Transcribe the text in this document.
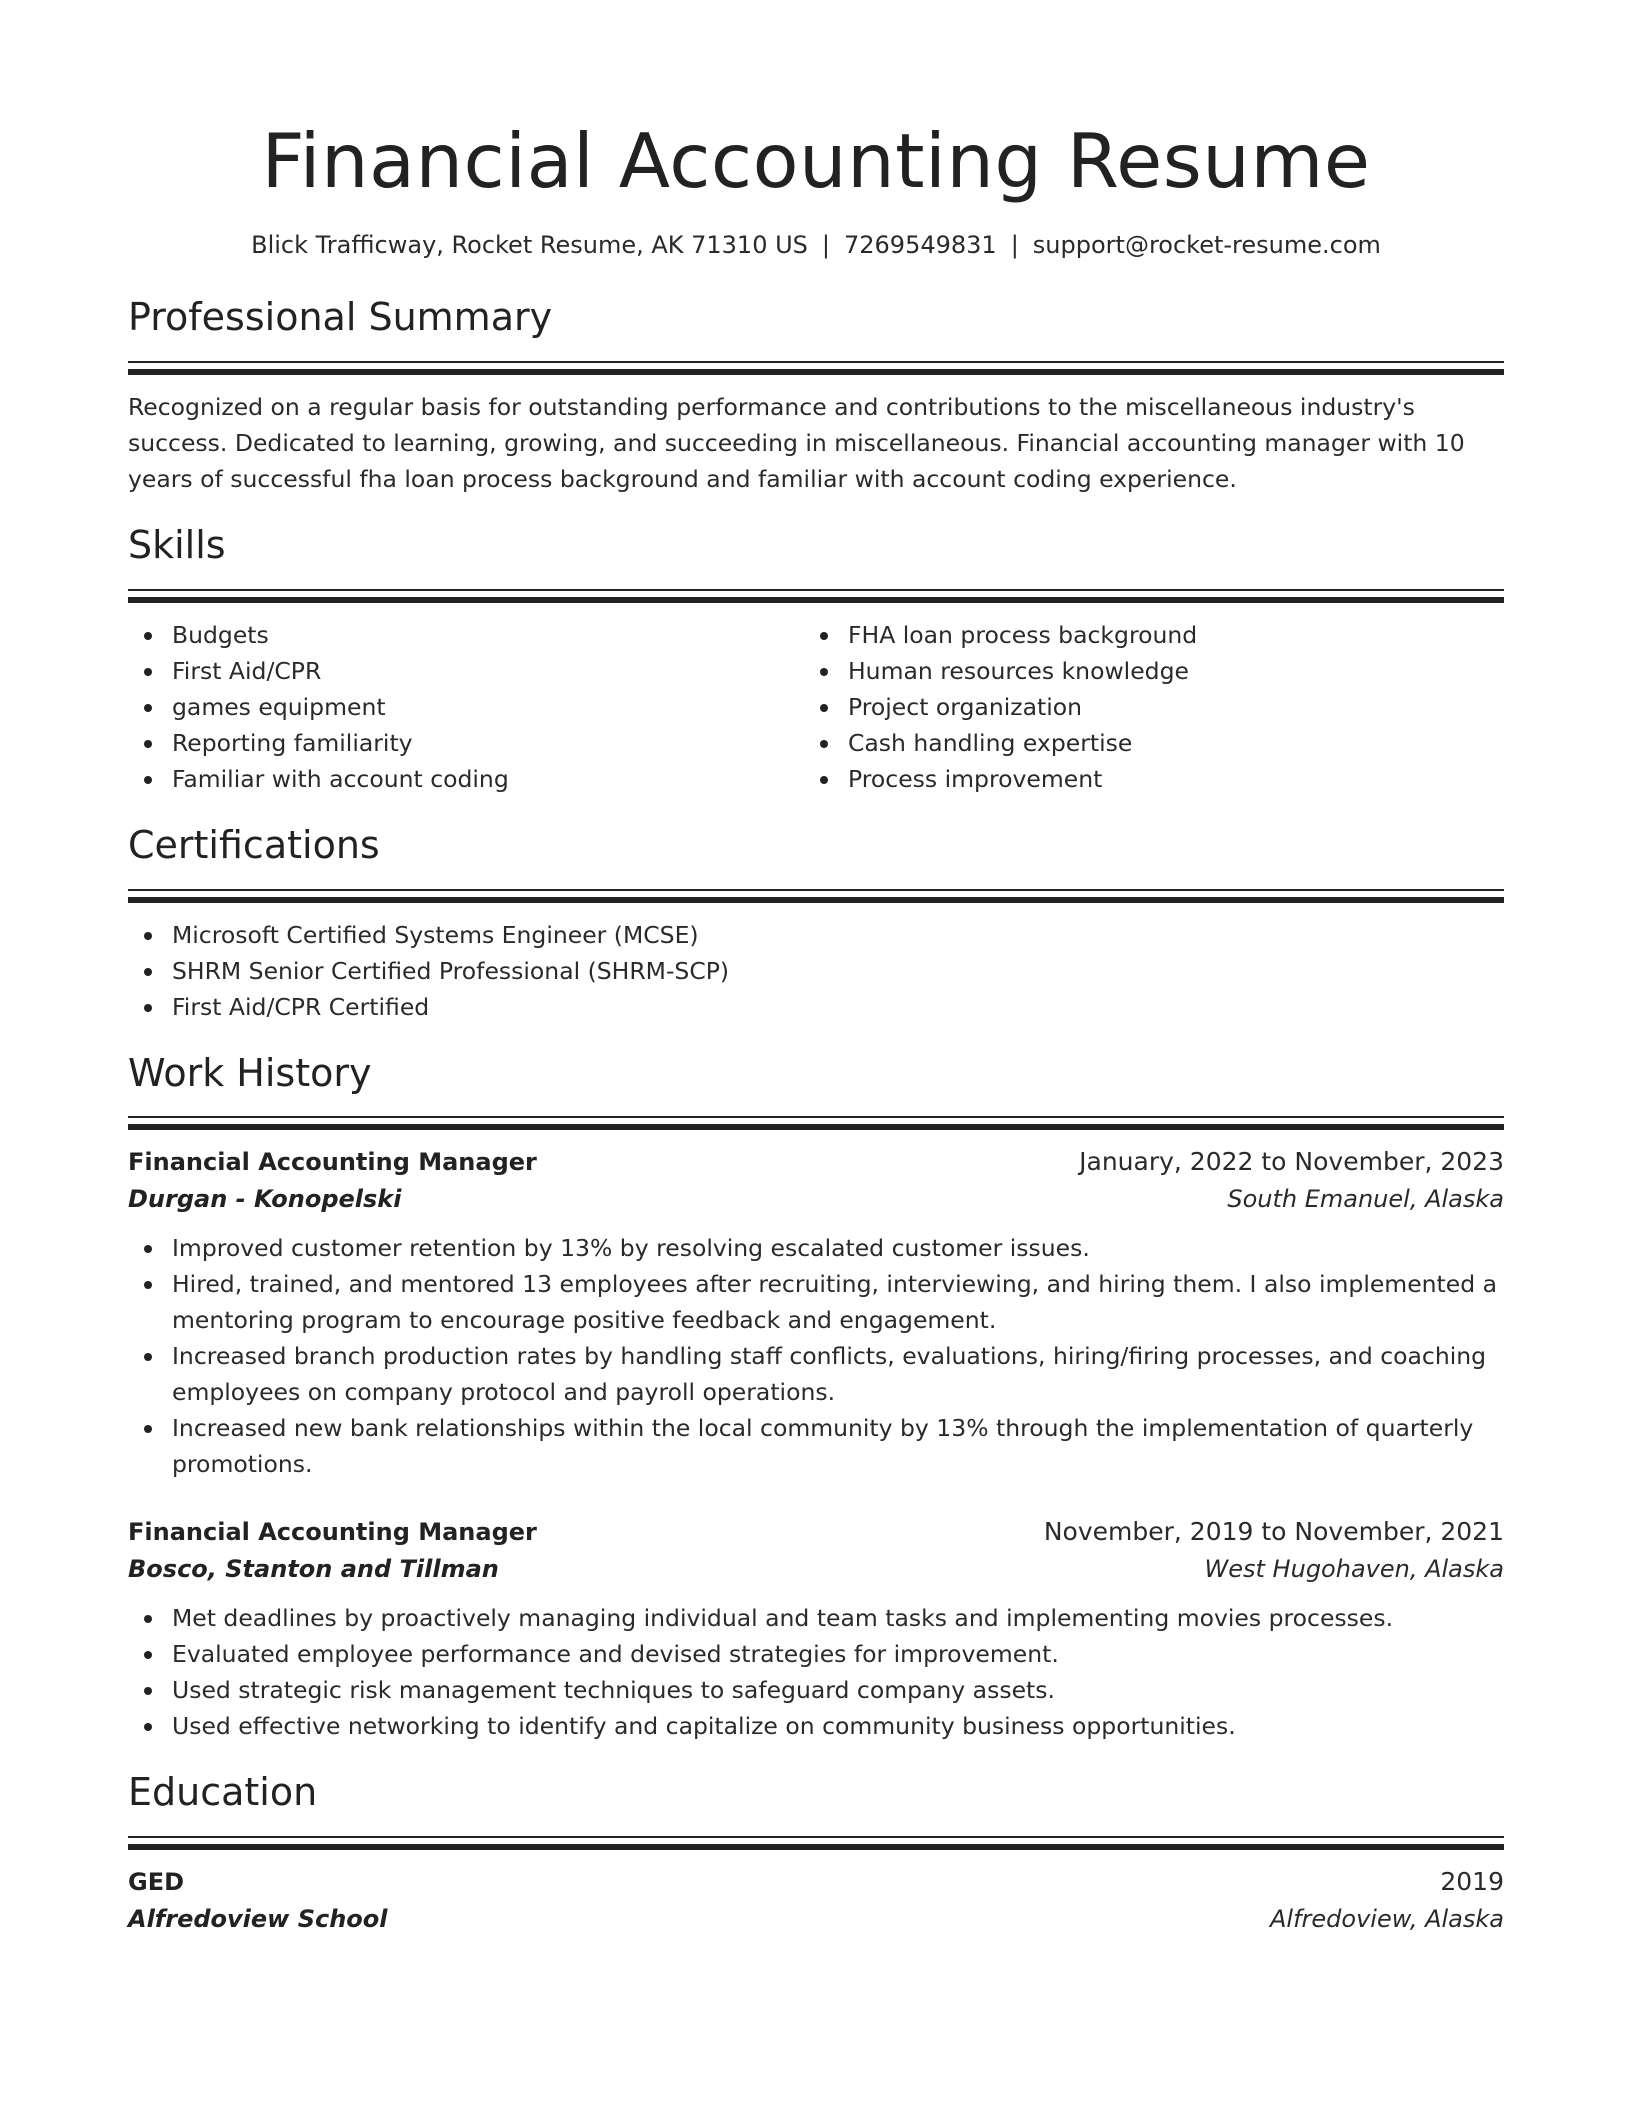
Financial Accounting Resume
Blick Trafficway, Rocket Resume, AK 71310 US | 7269549831 | support@rocket-resume.com
Professional Summary

Recognized on a regular basis for outstanding performance and contributions to the miscellaneous industry's success. Dedicated to learning, growing, and succeeding in miscellaneous. Financial accounting manager with 10 years of successful fha loan process background and familiar with account coding experience.

Skills
Budgets
First Aid/CPR
games equipment
Reporting familiarity
Familiar with account coding
FHA loan process background
Human resources knowledge
Project organization
Cash handling expertise
Process improvement
Certifications
Microsoft Certified Systems Engineer (MCSE)
SHRM Senior Certified Professional (SHRM-SCP)
First Aid/CPR Certified
Work History
Financial Accounting Manager	January, 2022 to November, 2023
Durgan - Konopelski	South Emanuel, Alaska
Improved customer retention by 13% by resolving escalated customer issues.
Hired, trained, and mentored 13 employees after recruiting, interviewing, and hiring them. I also implemented a mentoring program to encourage positive feedback and engagement.
Increased branch production rates by handling staff conflicts, evaluations, hiring/firing processes, and coaching employees on company protocol and payroll operations.
Increased new bank relationships within the local community by 13% through the implementation of quarterly promotions.
Financial Accounting Manager	November, 2019 to November, 2021
Bosco, Stanton and Tillman	West Hugohaven, Alaska
Met deadlines by proactively managing individual and team tasks and implementing movies processes.
Evaluated employee performance and devised strategies for improvement.
Used strategic risk management techniques to safeguard company assets.
Used effective networking to identify and capitalize on community business opportunities.
Education
GED	2019
Alfredoview School	Alfredoview, Alaska
